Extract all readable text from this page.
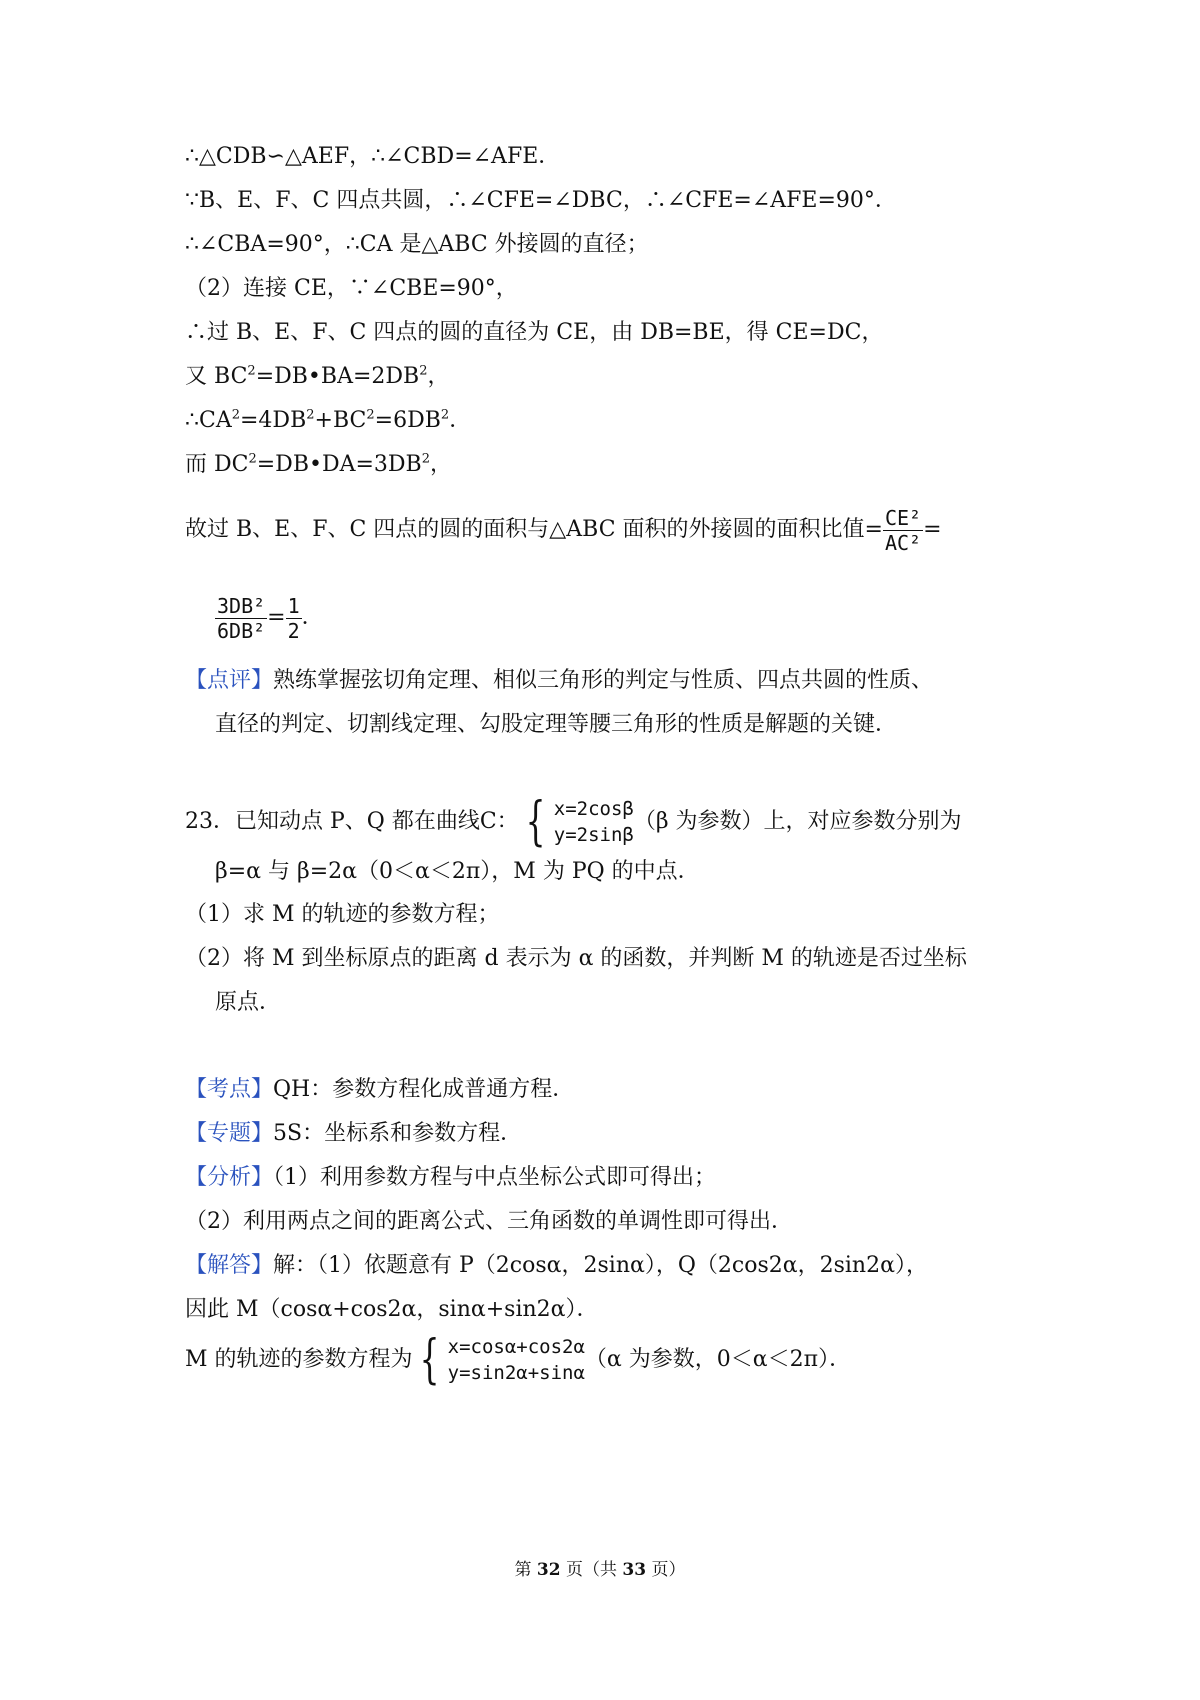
∴△CDB∽△AEF，∴∠CBD=∠AFE．
∵B、E、F、C 四点共圆，∴∠CFE=∠DBC，∴∠CFE=∠AFE=90°．
∴∠CBA=90°，∴CA 是△ABC 外接圆的直径；
（2）连接 CE，∵∠CBE=90°，
∴过 B、E、F、C 四点的圆的直径为 CE，由 DB=BE，得 CE=DC，
又 $BC^2=DB•BA=2DB^2$，
$\therefore CA^2=4DB^2+BC^2=6DB^2$．
而 $DC^2=DB•DA=3DB^2$，
故过 B、E、F、C 四点的圆的面积与△ABC 面积的外接圆的面积比值= $\frac{\text{CE²}}{\text{AC²}}$ =
$\frac{\text{3DB²}}{\text{6DB²}} = \frac{1}{2}$ ．
【点评】熟练掌握弦切角定理、相似三角形的判定与性质、四点共圆的性质、
直径的判定、切割线定理、勾股定理等腰三角形的性质是解题的关键．
23．已知动点 P、Q 都在曲线C： { x=2cosβ
y=2sinβ
（β 为参数）上，对应参数分别为
β=α 与 β=2α（0＜α＜2π），M 为 PQ 的中点．
（1）求 M 的轨迹的参数方程；
（2）将 M 到坐标原点的距离 d 表示为 α 的函数，并判断 M 的轨迹是否过坐标
原点．
【考点】QH：参数方程化成普通方程．
【专题】5S：坐标系和参数方程．
【分析】（1）利用参数方程与中点坐标公式即可得出；
（2）利用两点之间的距离公式、三角函数的单调性即可得出．
【解答】解：（1）依题意有 P（2cosα，2sinα），Q（2cos2α，2sin2α），
因此 M（cosα+cos2α，sinα+sin2α）．
M 的轨迹的参数方程为 { x=cosα+cos2α
y=sin2α+sinα
（α 为参数，0＜α＜2π）．
第 32 页（共 33 页）
